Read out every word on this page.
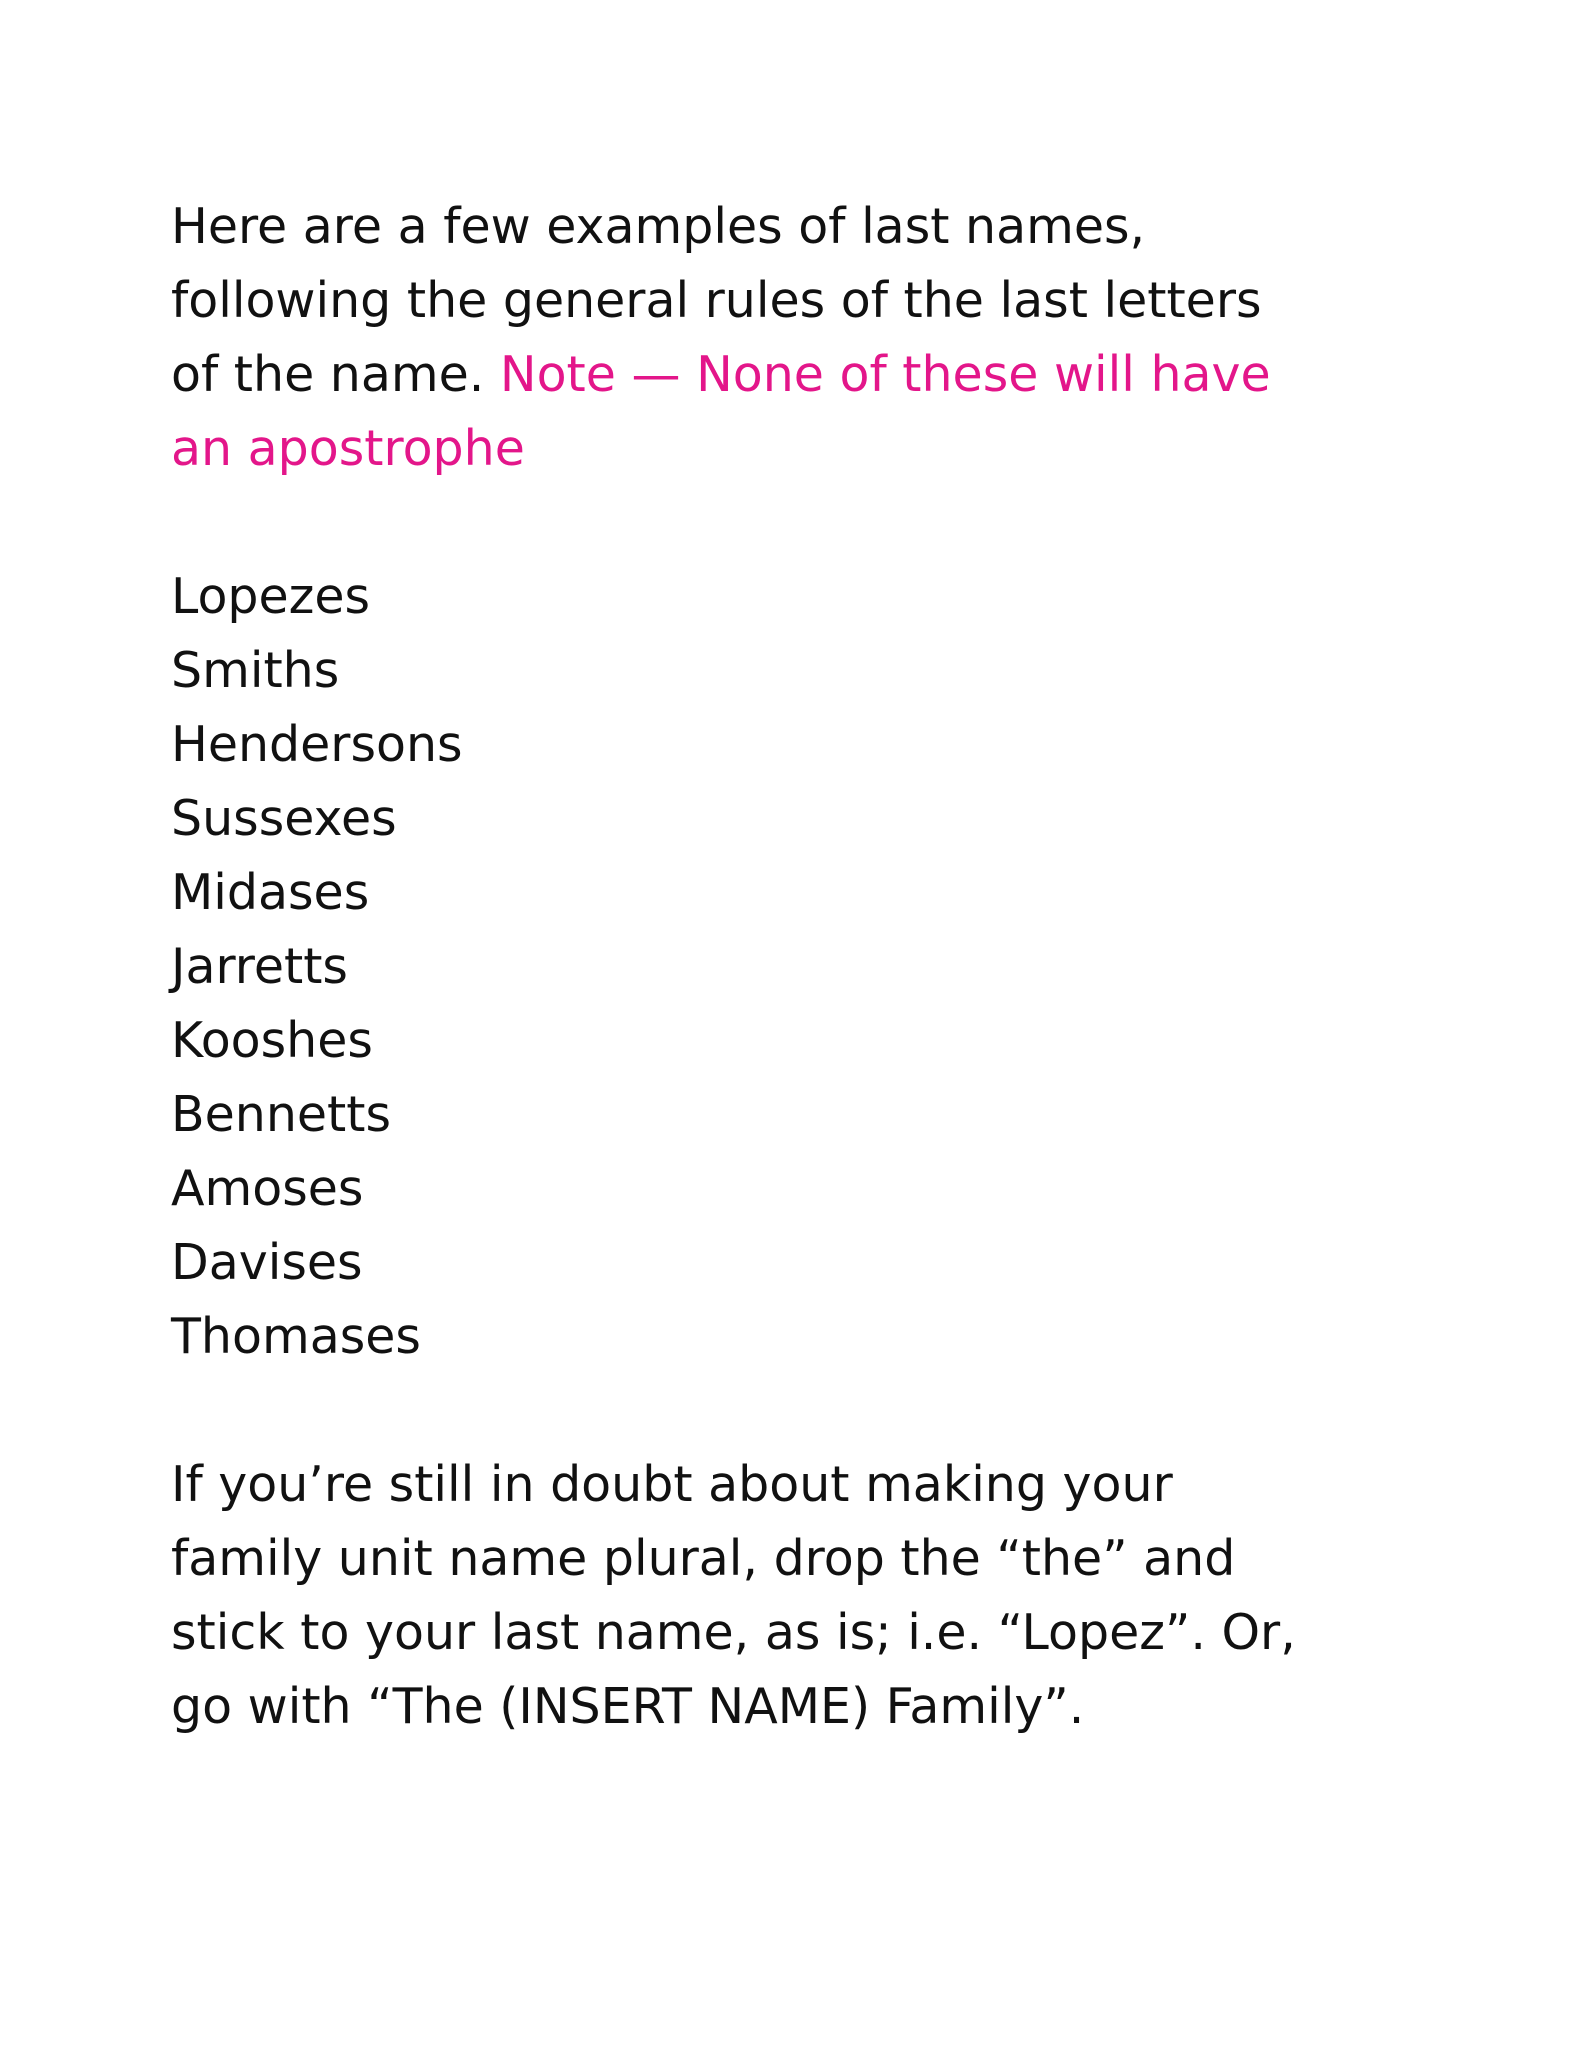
Here are a few examples of last names,
following the general rules of the last letters
of the name. Note — None of these will have
an apostrophe

Lopezes
Smiths
Hendersons
Sussexes
Midases
Jarretts
Kooshes
Bennetts
Amoses
Davises
Thomases

If you’re still in doubt about making your
family unit name plural, drop the “the” and
stick to your last name, as is; i.e. “Lopez”. Or,
go with “The (INSERT NAME) Family”.
